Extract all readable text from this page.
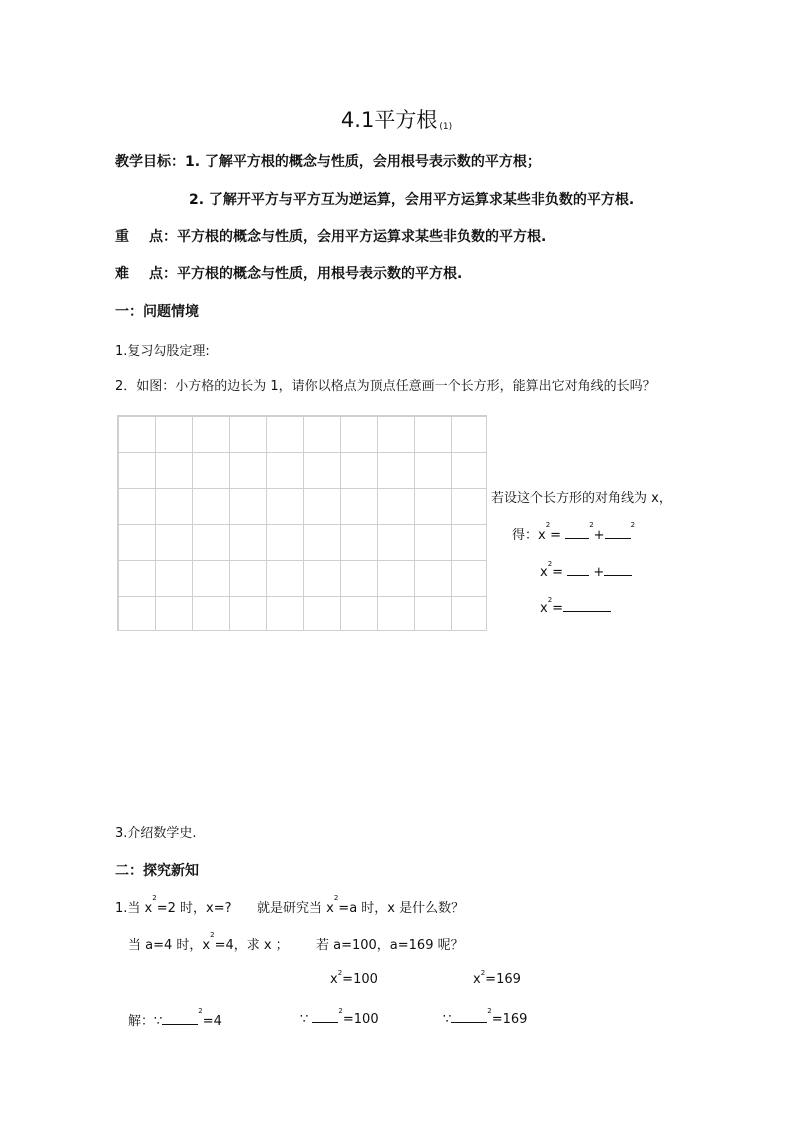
4.1平方根 $_{(1)}$
教学目标：1. 了解平方根的概念与性质，会用根号表示数的平方根；
2. 了解开平方与平方互为逆运算，会用平方运算求某些非负数的平方根.
重 点：平方根的概念与性质，会用平方运算求某些非负数的平方根.
难 点：平方根的概念与性质，用根号表示数的平方根.
一：问题情境
1.复习勾股定理:
2．如图：小方格的边长为 1，请你以格点为顶点任意画一个长方形，能算出它对角线的长吗？
若设这个长方形的对角线为 x，
得：$x^2= ^2+^2$
$x^2=$  +
$x^2=$
3.介绍数学史.
二：探究新知
1.当 $x^2=2$ 时，x=? 就是研究当 $x^2=a$ 时，x 是什么数？
当 a=4 时，$x^2=4$，求 x ； 若 a=100，a=169 呢？
$x^2=100$	$x^2=169$
解：∵$^2$=4	∵ $^2$=100	∵$^2$=169
